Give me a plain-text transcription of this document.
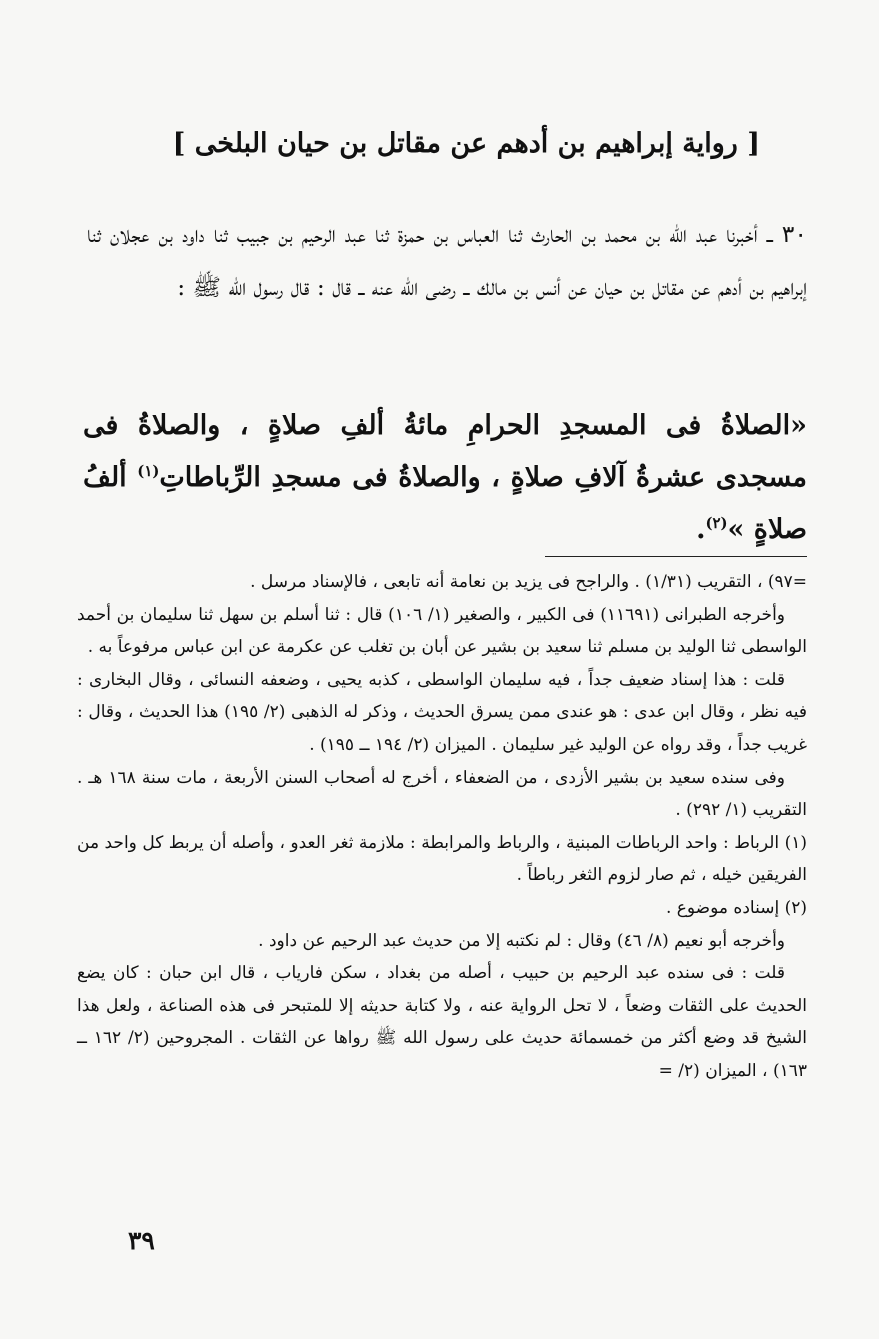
[ رواية إبراهيم بن أدهم عن مقاتل بن حيان البلخى ]

٣٠ ــ أخبرنا عبد الله بن محمد بن الحارث ثنا العباس بن حمزة ثنا عبد الرحيم بن جبيب ثنا داود بن عجلان ثنا إبراهيم بن أدهم عن مقاتل بن حيان عن أنس بن مالك ــ رضى الله عنه ــ قال : قال رسول الله ﷺ :

«الصلاةُ فى المسجدِ الحرامِ مائةُ ألفِ صلاةٍ ، والصلاةُ فى مسجدى عشرةُ آلافِ صلاةٍ ، والصلاةُ فى مسجدِ الرِّباطاتِ$^{(١)}$ ألفُ صلاةٍ »$^{(٢)}$.

=٩٧) ، التقريب (١/٣١) . والراجح فى يزيد بن نعامة أنه تابعى ، فالإسناد مرسل .

وأخرجه الطبرانى (١١٦٩١) فى الكبير ، والصغير (١/ ١٠٦) قال : ثنا أسلم بن سهل ثنا سليمان بن أحمد الواسطى ثنا الوليد بن مسلم ثنا سعيد بن بشير عن أبان بن تغلب عن عكرمة عن ابن عباس مرفوعاً به .

قلت : هذا إسناد ضعيف جداً ، فيه سليمان الواسطى ، كذبه يحيى ، وضعفه النسائى ، وقال البخارى : فيه نظر ، وقال ابن عدى : هو عندى ممن يسرق الحديث ، وذكر له الذهبى (٢/ ١٩٥) هذا الحديث ، وقال : غريب جداً ، وقد رواه عن الوليد غير سليمان . الميزان (٢/ ١٩٤ ــ ١٩٥) .

وفى سنده سعيد بن بشير الأزدى ، من الضعفاء ، أخرج له أصحاب السنن الأربعة ، مات سنة ١٦٨ هـ . التقريب (١/ ٢٩٢) .

(١) الرباط : واحد الرباطات المبنية ، والرباط والمرابطة : ملازمة ثغر العدو ، وأصله أن يربط كل واحد من الفريقين خيله ، ثم صار لزوم الثغر رباطاً .

(٢) إسناده موضوع .

وأخرجه أبو نعيم (٨/ ٤٦) وقال : لم نكتبه إلا من حديث عبد الرحيم عن داود .

قلت : فى سنده عبد الرحيم بن حبيب ، أصله من بغداد ، سكن فارياب ، قال ابن حبان : كان يضع الحديث على الثقات وضعاً ، لا تحل الرواية عنه ، ولا كتابة حديثه إلا للمتبحر فى هذه الصناعة ، ولعل هذا الشيخ قد وضع أكثر من خمسمائة حديث على رسول الله ﷺ رواها عن الثقات . المجروحين (٢/ ١٦٢ ــ ١٦٣) ، الميزان (٢/ =

٣٩
